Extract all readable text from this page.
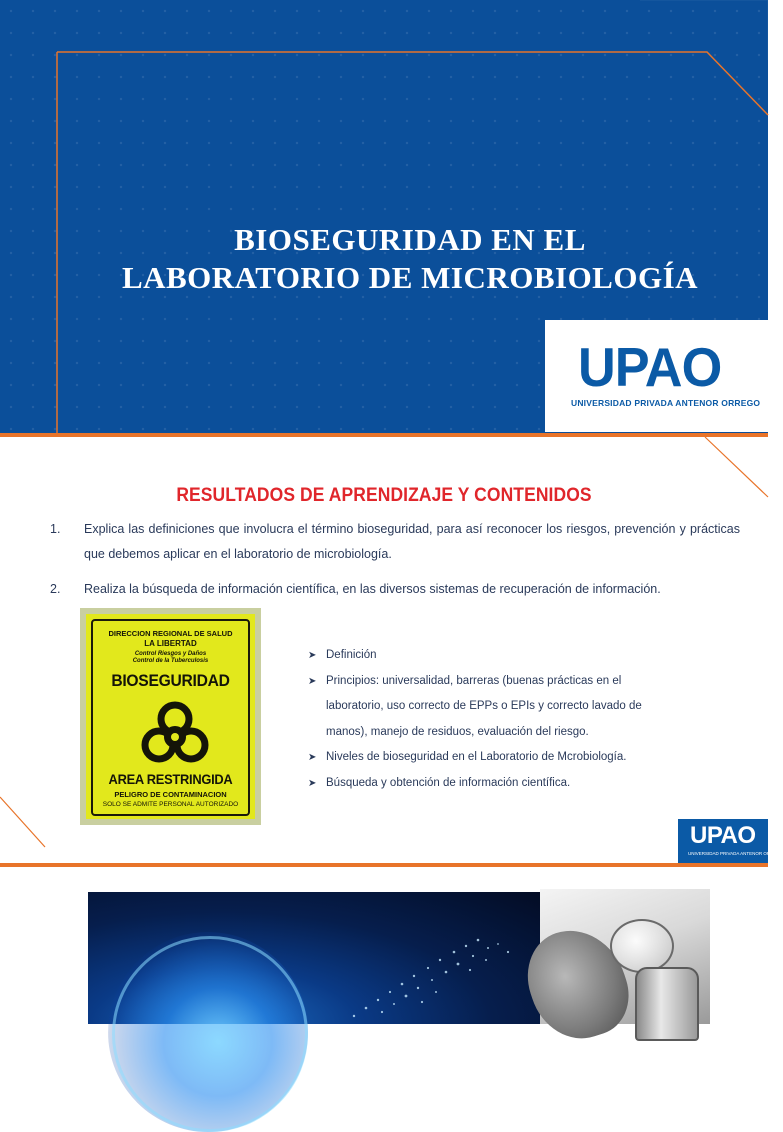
BIOSEGURIDAD EN EL
LABORATORIO DE MICROBIOLOGÍA
UPAO
UNIVERSIDAD PRIVADA ANTENOR ORREGO
RESULTADOS DE APRENDIZAJE Y CONTENIDOS
1. Explica las definiciones que involucra el término bioseguridad, para así reconocer los riesgos, prevención y prácticas que debemos aplicar en el laboratorio de microbiología.
2. Realiza la búsqueda de información científica, en las diversos sistemas de recuperación de información.
DIRECCION REGIONAL DE SALUD
LA LIBERTAD
Control Riesgos y Daños
Control de la Tuberculosis
BIOSEGURIDAD
AREA RESTRINGIDA
PELIGRO DE CONTAMINACION
SOLO SE ADMITE PERSONAL AUTORIZADO
➤ Definición
➤ Principios: universalidad, barreras (buenas prácticas en el
laboratorio, uso correcto de EPPs o EPIs y correcto lavado de
manos), manejo de residuos, evaluación del riesgo.
➤ Niveles de bioseguridad en el Laboratorio de Mcrobiología.
➤ Búsqueda y obtención de información científica.
UPAO
UNIVERSIDAD PRIVADA ANTENOR ORREGO
